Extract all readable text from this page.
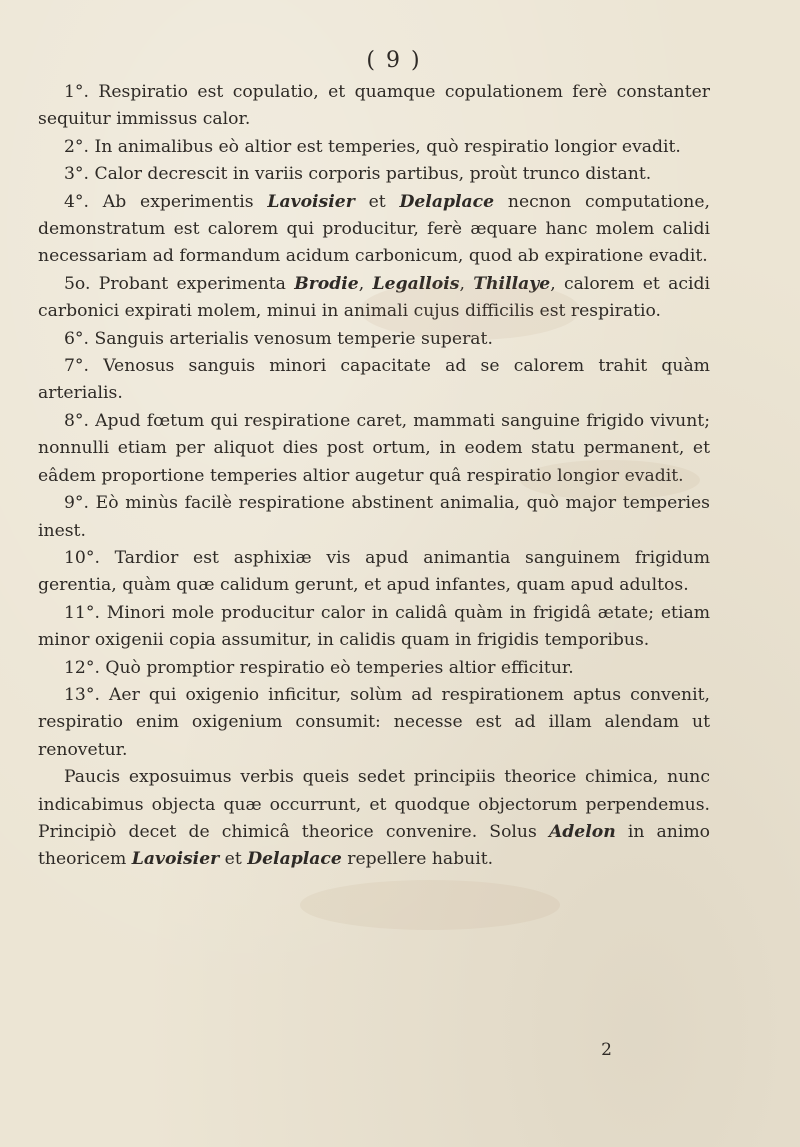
( 9 )

1°. Respiratio est copulatio, et quamque copulationem ferè constanter sequitur immissus calor.

2°. In animalibus eò altior est temperies, quò respiratio longior evadit.

3°. Calor decrescit in variis corporis partibus, proùt trunco distant.

4°. Ab experimentis Lavoisier et Delaplace necnon computatione, demonstratum est calorem qui producitur, ferè æquare hanc molem calidi necessariam ad formandum acidum carbonicum, quod ab expiratione evadit.

5o. Probant experimenta Brodie, Legallois, Thillaye, calorem et acidi carbonici expirati molem, minui in animali cujus difficilis est respiratio.

6°. Sanguis arterialis venosum temperie superat.

7°. Venosus sanguis minori capacitate ad se calorem trahit quàm arterialis.

8°. Apud fœtum qui respiratione caret, mammati sanguine frigido vivunt; nonnulli etiam per aliquot dies post ortum, in eodem statu permanent, et eâdem proportione temperies altior augetur quâ respiratio longior evadit.

9°. Eò minùs facilè respiratione abstinent animalia, quò major temperies inest.

10°. Tardior est asphixiæ vis apud animantia sanguinem frigidum gerentia, quàm quæ calidum gerunt, et apud infantes, quam apud adultos.

11°. Minori mole producitur calor in calidâ quàm in frigidâ ætate; etiam minor oxigenii copia assumitur, in calidis quam in frigidis temporibus.

12°. Quò promptior respiratio eò temperies altior efficitur.

13°. Aer qui oxigenio inficitur, solùm ad respirationem aptus convenit, respiratio enim oxigenium consumit: necesse est ad illam alendam ut renovetur.

Paucis exposuimus verbis queis sedet principiis theorice chimica, nunc indicabimus objecta quæ occurrunt, et quodque objectorum perpendemus. Principiò decet de chimicâ theorice convenire. Solus Adelon in animo theoricem Lavoisier et Delaplace repellere habuit.

2
